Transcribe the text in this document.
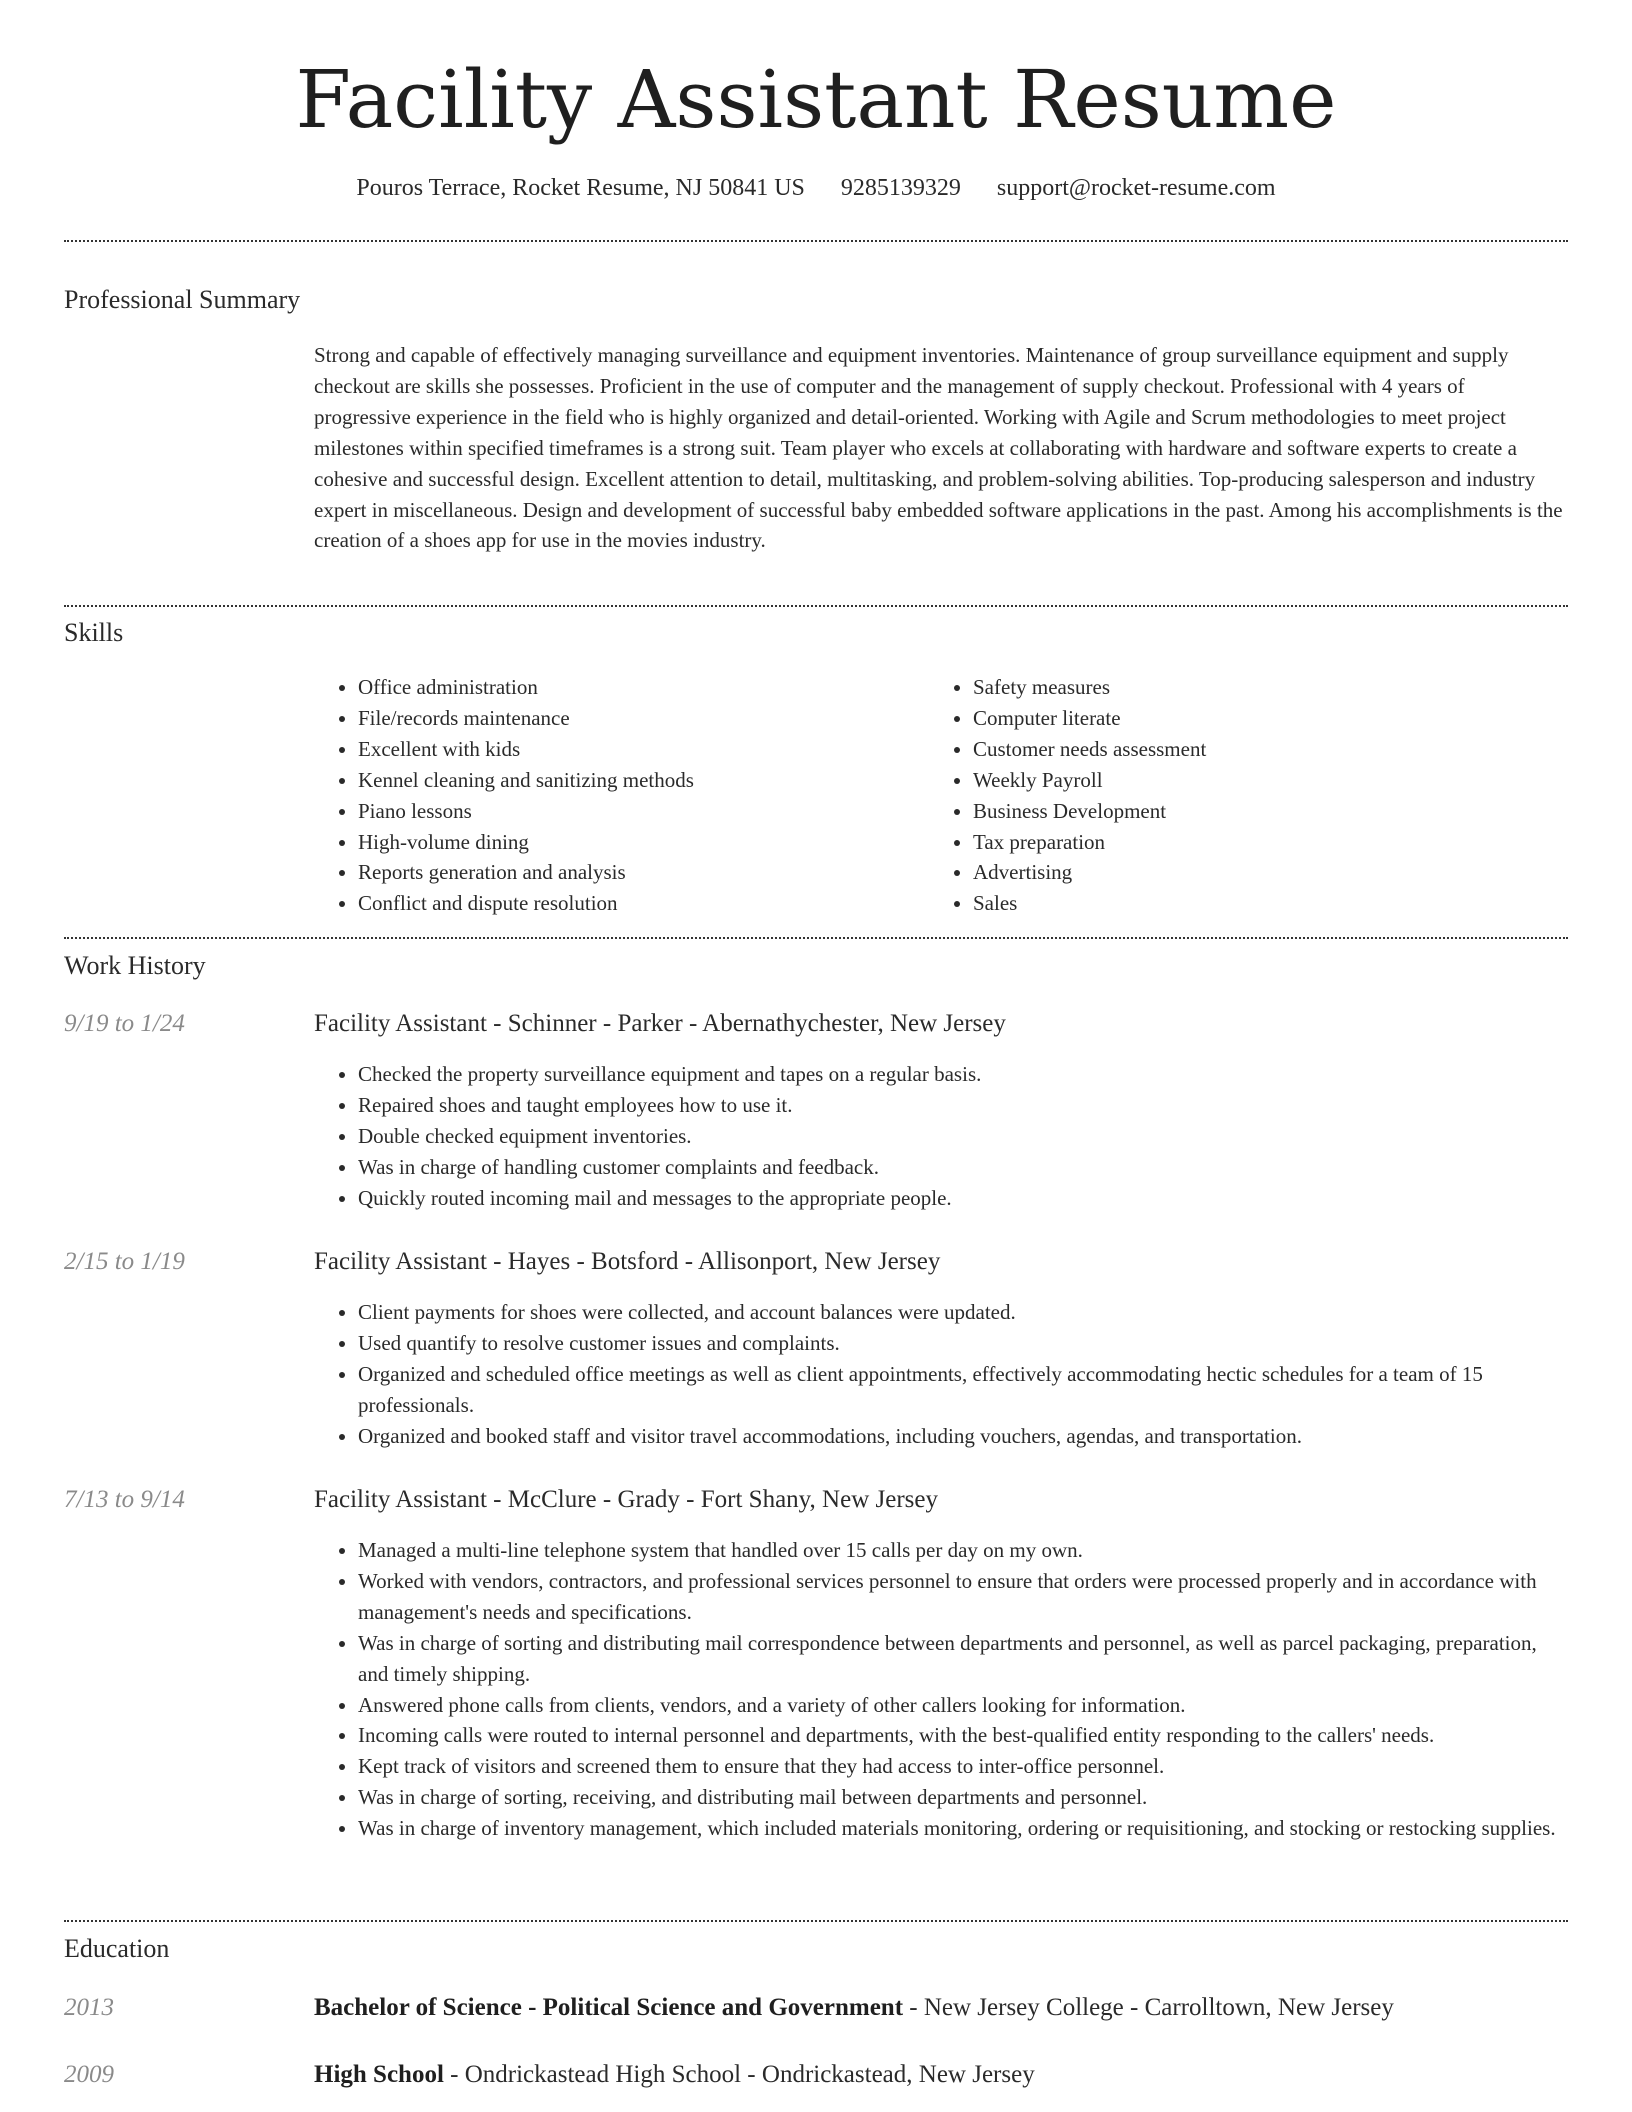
Facility Assistant Resume
Pouros Terrace, Rocket Resume, NJ 50841 US 9285139329 support@rocket-resume.com
Professional Summary

Strong and capable of effectively managing surveillance and equipment inventories. Maintenance of group surveillance equipment and supply checkout are skills she possesses. Proficient in the use of computer and the management of supply checkout. Professional with 4 years of progressive experience in the field who is highly organized and detail-oriented. Working with Agile and Scrum methodologies to meet project milestones within specified timeframes is a strong suit. Team player who excels at collaborating with hardware and software experts to create a cohesive and successful design. Excellent attention to detail, multitasking, and problem-solving abilities. Top-producing salesperson and industry expert in miscellaneous. Design and development of successful baby embedded software applications in the past. Among his accomplishments is the creation of a shoes app for use in the movies industry.

Skills
• Office administration
• File/records maintenance
• Excellent with kids
• Kennel cleaning and sanitizing methods
• Piano lessons
• High-volume dining
• Reports generation and analysis
• Conflict and dispute resolution
• Safety measures
• Computer literate
• Customer needs assessment
• Weekly Payroll
• Business Development
• Tax preparation
• Advertising
• Sales
Work History
9/19 to 1/24	Facility Assistant - Schinner - Parker - Abernathychester, New Jersey
• Checked the property surveillance equipment and tapes on a regular basis.
• Repaired shoes and taught employees how to use it.
• Double checked equipment inventories.
• Was in charge of handling customer complaints and feedback.
• Quickly routed incoming mail and messages to the appropriate people.
2/15 to 1/19	Facility Assistant - Hayes - Botsford - Allisonport, New Jersey
• Client payments for shoes were collected, and account balances were updated.
• Used quantify to resolve customer issues and complaints.
• Organized and scheduled office meetings as well as client appointments, effectively accommodating hectic schedules for a team of 15 professionals.
• Organized and booked staff and visitor travel accommodations, including vouchers, agendas, and transportation.
7/13 to 9/14	Facility Assistant - McClure - Grady - Fort Shany, New Jersey
• Managed a multi-line telephone system that handled over 15 calls per day on my own.
• Worked with vendors, contractors, and professional services personnel to ensure that orders were processed properly and in accordance with management's needs and specifications.
• Was in charge of sorting and distributing mail correspondence between departments and personnel, as well as parcel packaging, preparation, and timely shipping.
• Answered phone calls from clients, vendors, and a variety of other callers looking for information.
• Incoming calls were routed to internal personnel and departments, with the best-qualified entity responding to the callers' needs.
• Kept track of visitors and screened them to ensure that they had access to inter-office personnel.
• Was in charge of sorting, receiving, and distributing mail between departments and personnel.
• Was in charge of inventory management, which included materials monitoring, ordering or requisitioning, and stocking or restocking supplies.
Education
2013	Bachelor of Science - Political Science and Government - New Jersey College - Carrolltown, New Jersey
2009	High School - Ondrickastead High School - Ondrickastead, New Jersey
